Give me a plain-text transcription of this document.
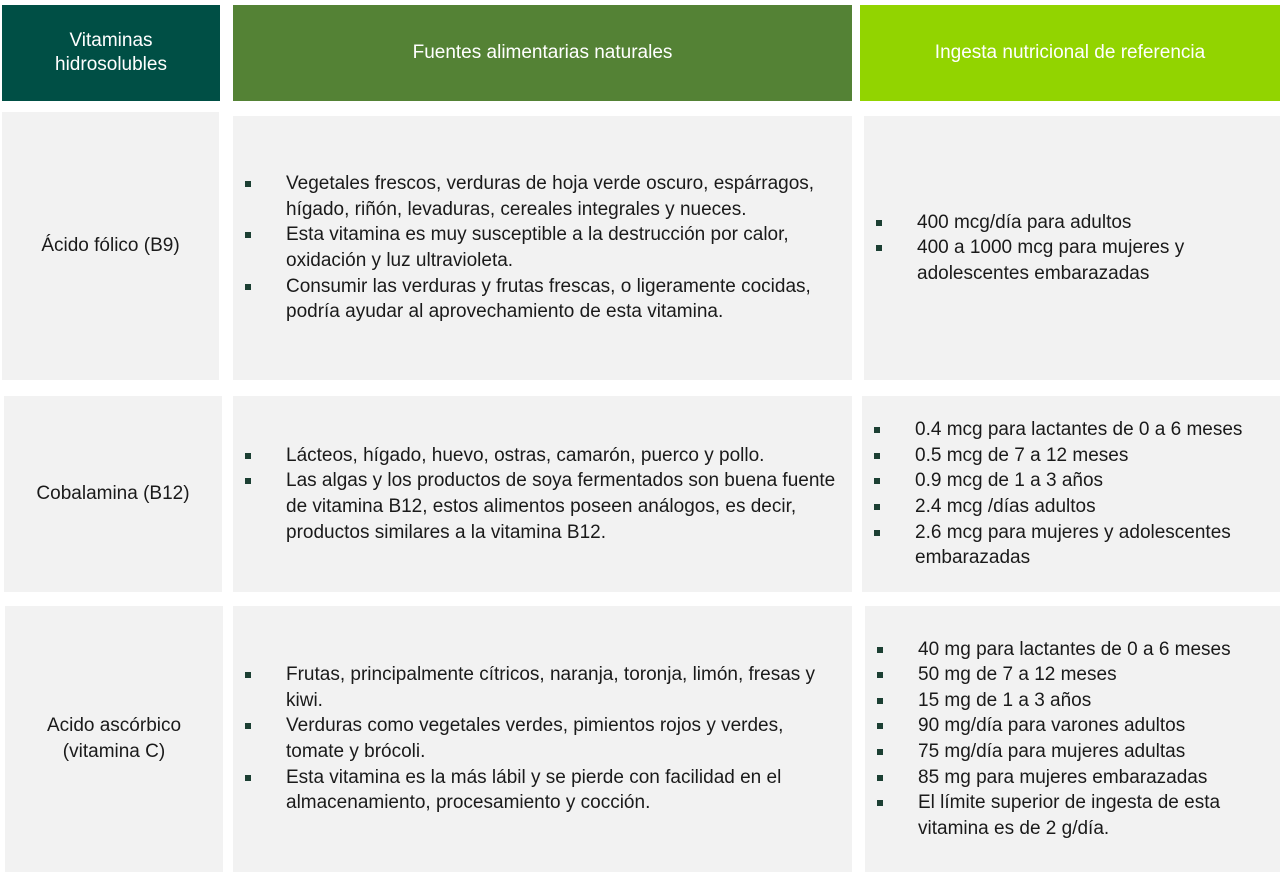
Vitaminas hidrosolubles
Fuentes alimentarias naturales	Ingesta nutricional de referencia
Ácido fólico (B9)
Vegetales frescos, verduras de hoja verde oscuro, espárragos, hígado, riñón, levaduras, cereales integrales y nueces.
Esta vitamina es muy susceptible a la destrucción por calor, oxidación y luz ultravioleta.
Consumir las verduras y frutas frescas, o ligeramente cocidas, podría ayudar al aprovechamiento de esta vitamina.
400 mcg/día para adultos
400 a 1000 mcg para mujeres y adolescentes embarazadas
Cobalamina (B12)
Lácteos, hígado, huevo, ostras, camarón, puerco y pollo.
Las algas y los productos de soya fermentados son buena fuente de vitamina B12, estos alimentos poseen análogos, es decir, productos similares a la vitamina B12.
0.4 mcg para lactantes de 0 a 6 meses
0.5 mcg de 7 a 12 meses
0.9 mcg de 1 a 3 años
2.4 mcg /días adultos
2.6 mcg para mujeres y adolescentes embarazadas
Acido ascórbico (vitamina C)
Frutas, principalmente cítricos, naranja, toronja, limón, fresas y kiwi.
Verduras como vegetales verdes, pimientos rojos y verdes, tomate y brócoli.
Esta vitamina es la más lábil y se pierde con facilidad en el almacenamiento, procesamiento y cocción.
40 mg para lactantes de 0 a 6 meses
50 mg de 7 a 12 meses
15 mg de 1 a 3 años
90 mg/día para varones adultos
75 mg/día para mujeres adultas
85 mg para mujeres embarazadas
El límite superior de ingesta de esta vitamina es de 2 g/día.
